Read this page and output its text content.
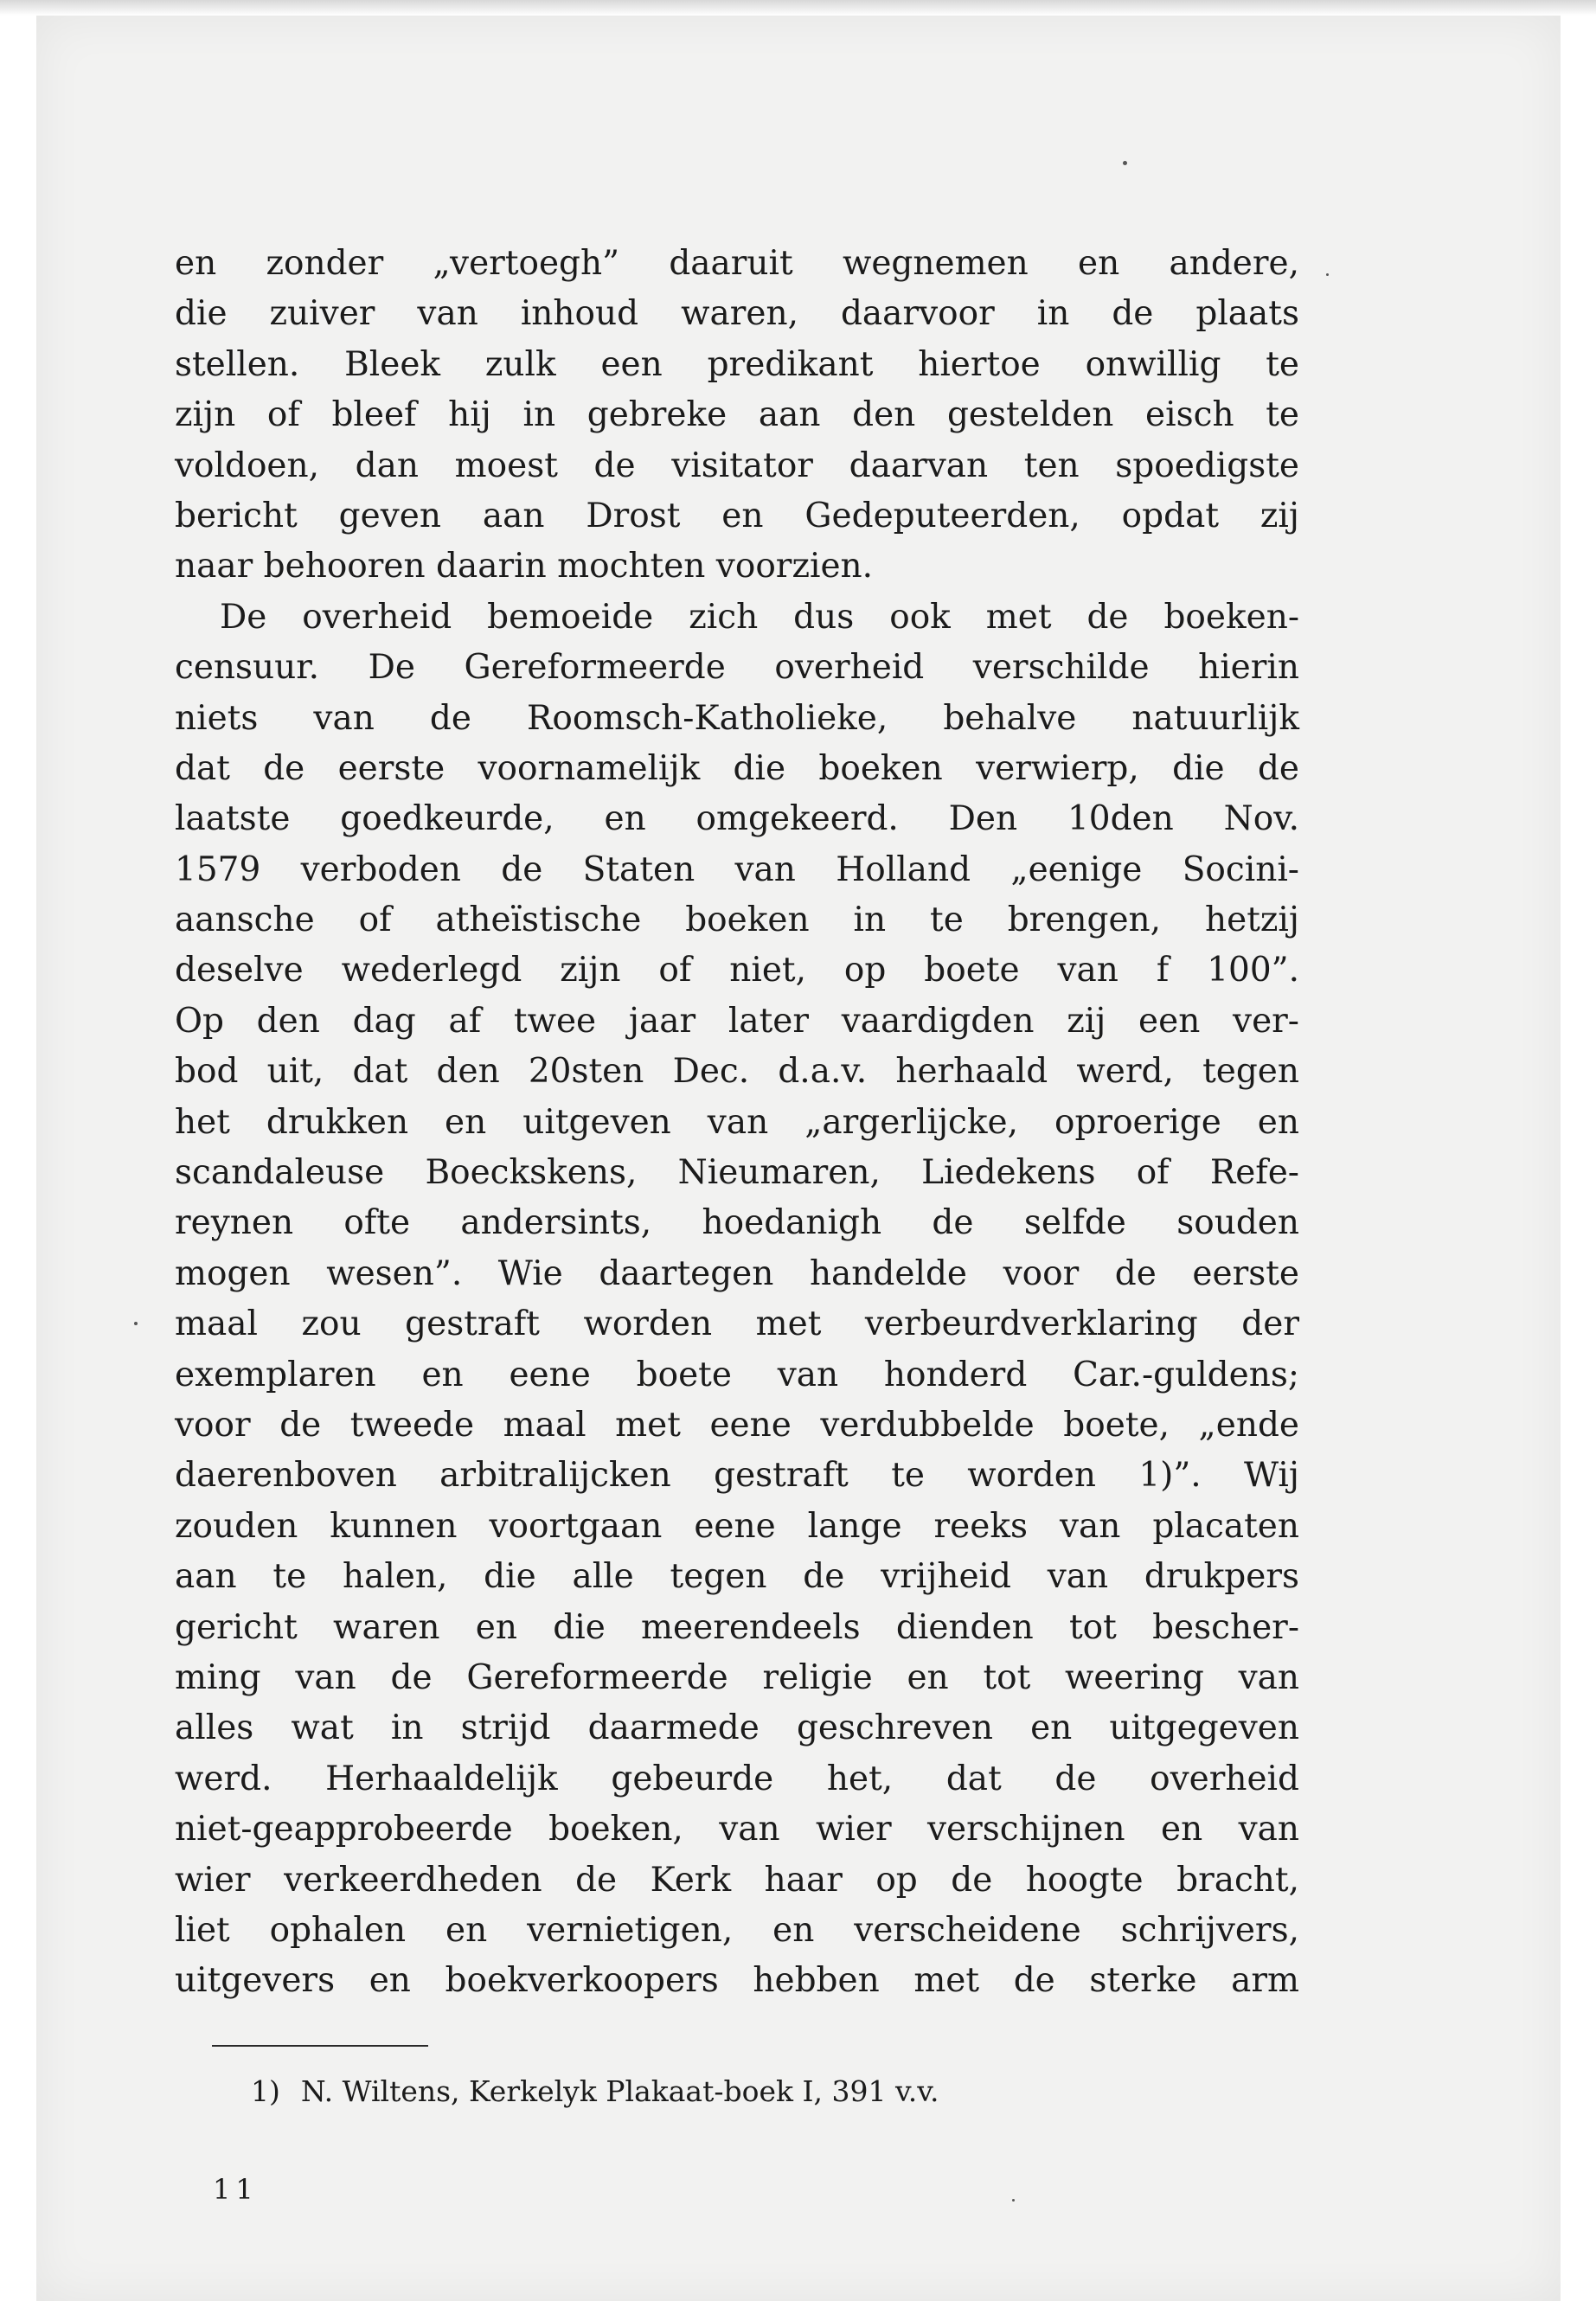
en zonder „vertoegh” daaruit wegnemen en andere,
die zuiver van inhoud waren, daarvoor in de plaats
stellen. Bleek zulk een predikant hiertoe onwillig te
zijn of bleef hij in gebreke aan den gestelden eisch te
voldoen, dan moest de visitator daarvan ten spoedigste
bericht geven aan Drost en Gedeputeerden, opdat zij
naar behooren daarin mochten voorzien.
De overheid bemoeide zich dus ook met de boeken-
censuur. De Gereformeerde overheid verschilde hierin
niets van de Roomsch-Katholieke, behalve natuurlijk
dat de eerste voornamelijk die boeken verwierp, die de
laatste goedkeurde, en omgekeerd. Den 10den Nov.
1579 verboden de Staten van Holland „eenige Socini-
aansche of atheïstische boeken in te brengen, hetzij
deselve wederlegd zijn of niet, op boete van f 100”.
Op den dag af twee jaar later vaardigden zij een ver-
bod uit, dat den 20sten Dec. d.a.v. herhaald werd, tegen
het drukken en uitgeven van „argerlijcke, oproerige en
scandaleuse Boeckskens, Nieumaren, Liedekens of Refe-
reynen ofte andersints, hoedanigh de selfde souden
mogen wesen”. Wie daartegen handelde voor de eerste
maal zou gestraft worden met verbeurdverklaring der
exemplaren en eene boete van honderd Car.-guldens;
voor de tweede maal met eene verdubbelde boete, „ende
daerenboven arbitralijcken gestraft te worden 1)”. Wij
zouden kunnen voortgaan eene lange reeks van placaten
aan te halen, die alle tegen de vrijheid van drukpers
gericht waren en die meerendeels dienden tot bescher-
ming van de Gereformeerde religie en tot weering van
alles wat in strijd daarmede geschreven en uitgegeven
werd. Herhaaldelijk gebeurde het, dat de overheid
niet-geapprobeerde boeken, van wier verschijnen en van
wier verkeerdheden de Kerk haar op de hoogte bracht,
liet ophalen en vernietigen, en verscheidene schrijvers,
uitgevers en boekverkoopers hebben met de sterke arm
1) N. Wiltens, Kerkelyk Plakaat-boek I, 391 v.v.
11
